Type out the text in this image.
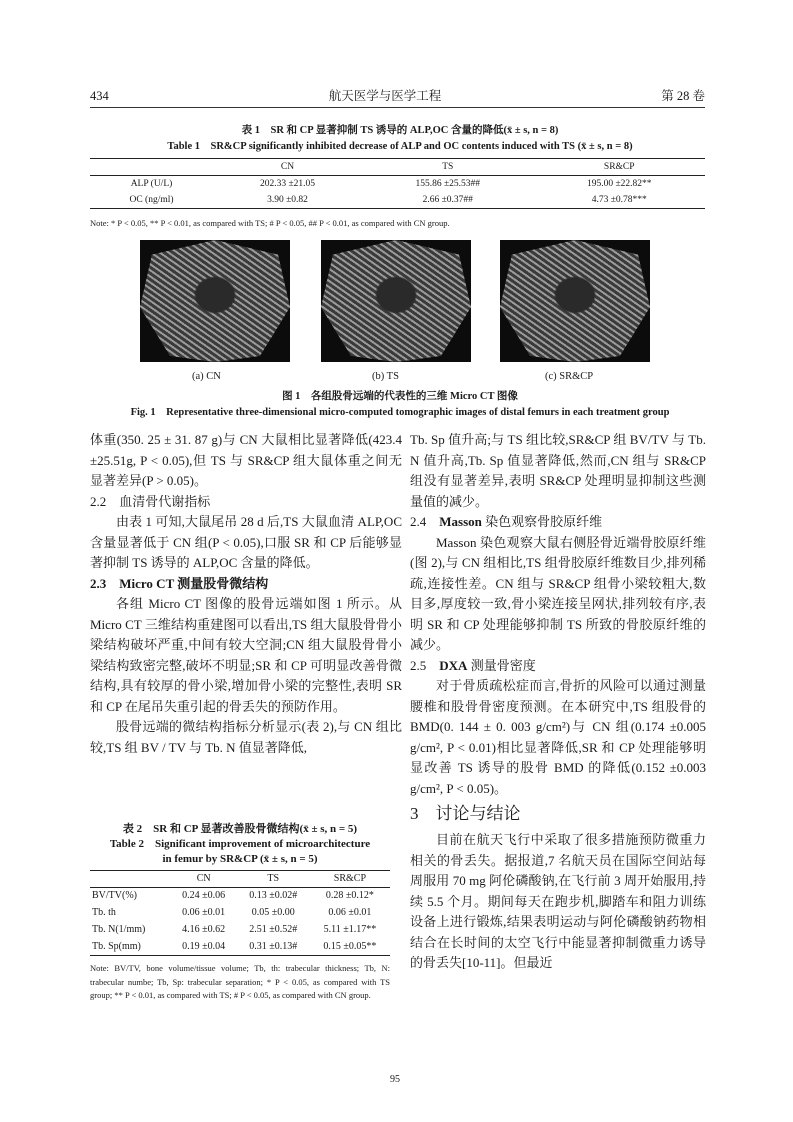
434	航天医学与医学工程	第 28 卷
表 1　SR 和 CP 显著抑制 TS 诱导的 ALP,OC 含量的降低(x̄ ± s, n = 8)
Table 1　SR&CP significantly inhibited decrease of ALP and OC contents induced with TS (x̄ ± s, n = 8)
	CN	TS	SR&CP
ALP (U/L)	202.33 ±21.05	155.86 ±25.53##	195.00 ±22.82**
OC (ng/ml)	3.90 ±0.82	2.66 ±0.37##	4.73 ±0.78***
Note: * P < 0.05, ** P < 0.01, as compared with TS; # P < 0.05, ## P < 0.01, as compared with CN group.
(a) CN	(b) TS	(c) SR&CP
图 1　各组股骨远端的代表性的三维 Micro CT 图像
Fig. 1　Representative three-dimensional micro-computed tomographic images of distal femurs in each treatment group
体重(350. 25 ± 31. 87 g)与 CN 大鼠相比显著降低(423.4 ±25.51g, P < 0.05),但 TS 与 SR&CP 组大鼠体重之间无显著差异(P > 0.05)。
2.2　血清骨代谢指标

由表 1 可知,大鼠尾吊 28 d 后,TS 大鼠血清 ALP,OC 含量显著低于 CN 组(P < 0.05),口服 SR 和 CP 后能够显著抑制 TS 诱导的 ALP,OC 含量的降低。

2.3　Micro CT 测量股骨微结构

各组 Micro CT 图像的股骨远端如图 1 所示。从 Micro CT 三维结构重建图可以看出,TS 组大鼠股骨骨小梁结构破坏严重,中间有较大空洞;CN 组大鼠股骨骨小梁结构致密完整,破坏不明显;SR 和 CP 可明显改善骨微结构,具有较厚的骨小梁,增加骨小梁的完整性,表明 SR 和 CP 在尾吊失重引起的骨丢失的预防作用。

股骨远端的微结构指标分析显示(表 2),与 CN 组比较,TS 组 BV / TV 与 Tb. N 值显著降低,

表 2　SR 和 CP 显著改善股骨微结构(x̄ ± s, n = 5)
Table 2　Significant improvement of microarchitecture
in femur by SR&CP (x̄ ± s, n = 5)
	CN	TS	SR&CP
BV/TV(%)	0.24 ±0.06	0.13 ±0.02#	0.28 ±0.12*
Tb. th	0.06 ±0.01	0.05 ±0.00	0.06 ±0.01
Tb. N(1/mm)	4.16 ±0.62	2.51 ±0.52#	5.11 ±1.17**
Tb. Sp(mm)	0.19 ±0.04	0.31 ±0.13#	0.15 ±0.05**
Note: BV/TV, bone volume/tissue volume; Tb, th: trabecular thickness; Tb, N: trabecular numbe; Tb, Sp: trabecular separation; * P < 0.05, as compared with TS group; ** P < 0.01, as compared with TS; # P < 0.05, as compared with CN group.
Tb. Sp 值升高;与 TS 组比较,SR&CP 组 BV/TV 与 Tb. N 值升高,Tb. Sp 值显著降低,然而,CN 组与 SR&CP 组没有显著差异,表明 SR&CP 处理明显抑制这些测量值的减少。
2.4　Masson 染色观察骨胶原纤维

Masson 染色观察大鼠右侧胫骨近端骨胶原纤维(图 2),与 CN 组相比,TS 组骨胶原纤维数目少,排列稀疏,连接性差。CN 组与 SR&CP 组骨小梁较粗大,数目多,厚度较一致,骨小梁连接呈网状,排列较有序,表明 SR 和 CP 处理能够抑制 TS 所致的骨胶原纤维的减少。

2.5　DXA 测量骨密度

对于骨质疏松症而言,骨折的风险可以通过测量腰椎和股骨骨密度预测。在本研究中,TS 组股骨的 BMD(0. 144 ± 0. 003 g/cm²)与 CN 组(0.174 ±0.005 g/cm², P < 0.01)相比显著降低,SR 和 CP 处理能够明显改善 TS 诱导的股骨 BMD 的降低(0.152 ±0.003 g/cm², P < 0.05)。

3　讨论与结论

目前在航天飞行中采取了很多措施预防微重力相关的骨丢失。据报道,7 名航天员在国际空间站每周服用 70 mg 阿伦磷酸钠,在飞行前 3 周开始服用,持续 5.5 个月。期间每天在跑步机,脚踏车和阻力训练设备上进行锻炼,结果表明运动与阿伦磷酸钠药物相结合在长时间的太空飞行中能显著抑制微重力诱导的骨丢失[10-11]。但最近

95
